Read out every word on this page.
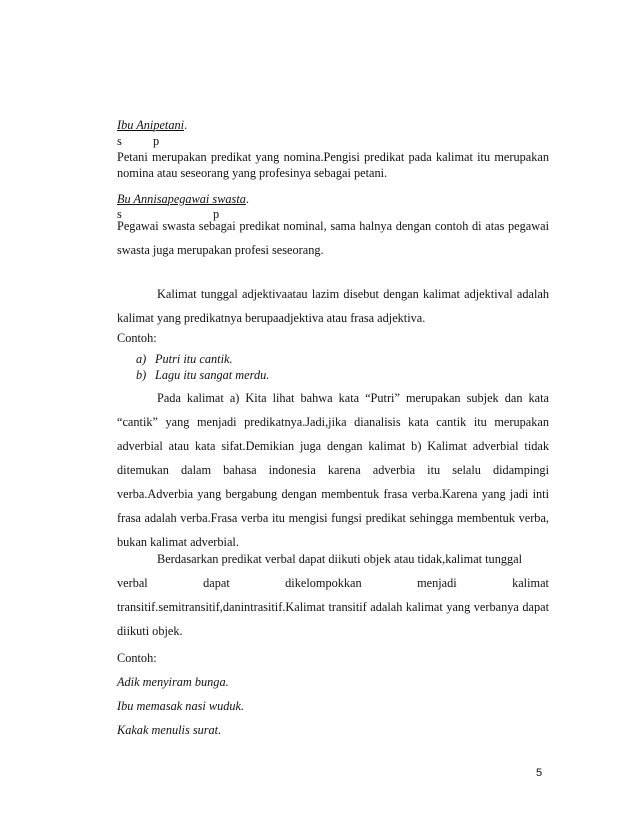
Ibu Anipetani.
s	p
Petani merupakan predikat yang nomina.Pengisi predikat pada kalimat itu merupakan nomina atau seseorang yang profesinya sebagai petani.
Bu Annisapegawai swasta.
s	p
Pegawai swasta sebagai predikat nominal, sama halnya dengan contoh di atas pegawai swasta juga merupakan profesi seseorang.
Kalimat tunggal adjektivaatau lazim disebut dengan kalimat adjektival adalah kalimat yang predikatnya berupaadjektiva atau frasa adjektiva.
Contoh:
a) Putri itu cantik.
b) Lagu itu sangat merdu.
Pada kalimat a) Kita lihat bahwa kata “Putri” merupakan subjek dan kata “cantik” yang menjadi predikatnya.Jadi,jika dianalisis kata cantik itu merupakan adverbial atau kata sifat.Demikian juga dengan kalimat b) Kalimat adverbial tidak ditemukan dalam bahasa indonesia karena adverbia itu selalu didampingi verba.Adverbia yang bergabung dengan membentuk frasa verba.Karena yang jadi inti frasa adalah verba.Frasa verba itu mengisi fungsi predikat sehingga membentuk verba, bukan kalimat adverbial.
Berdasarkan predikat verbal dapat diikuti objek atau tidak,kalimat tunggal
verbal	dapat	dikelompokkan	menjadi	kalimat
transitif.semitransitif,danintrasitif.Kalimat transitif adalah kalimat yang verbanya dapat diikuti objek.
Contoh:
Adik menyiram bunga.
Ibu memasak nasi wuduk.
Kakak menulis surat.
5
